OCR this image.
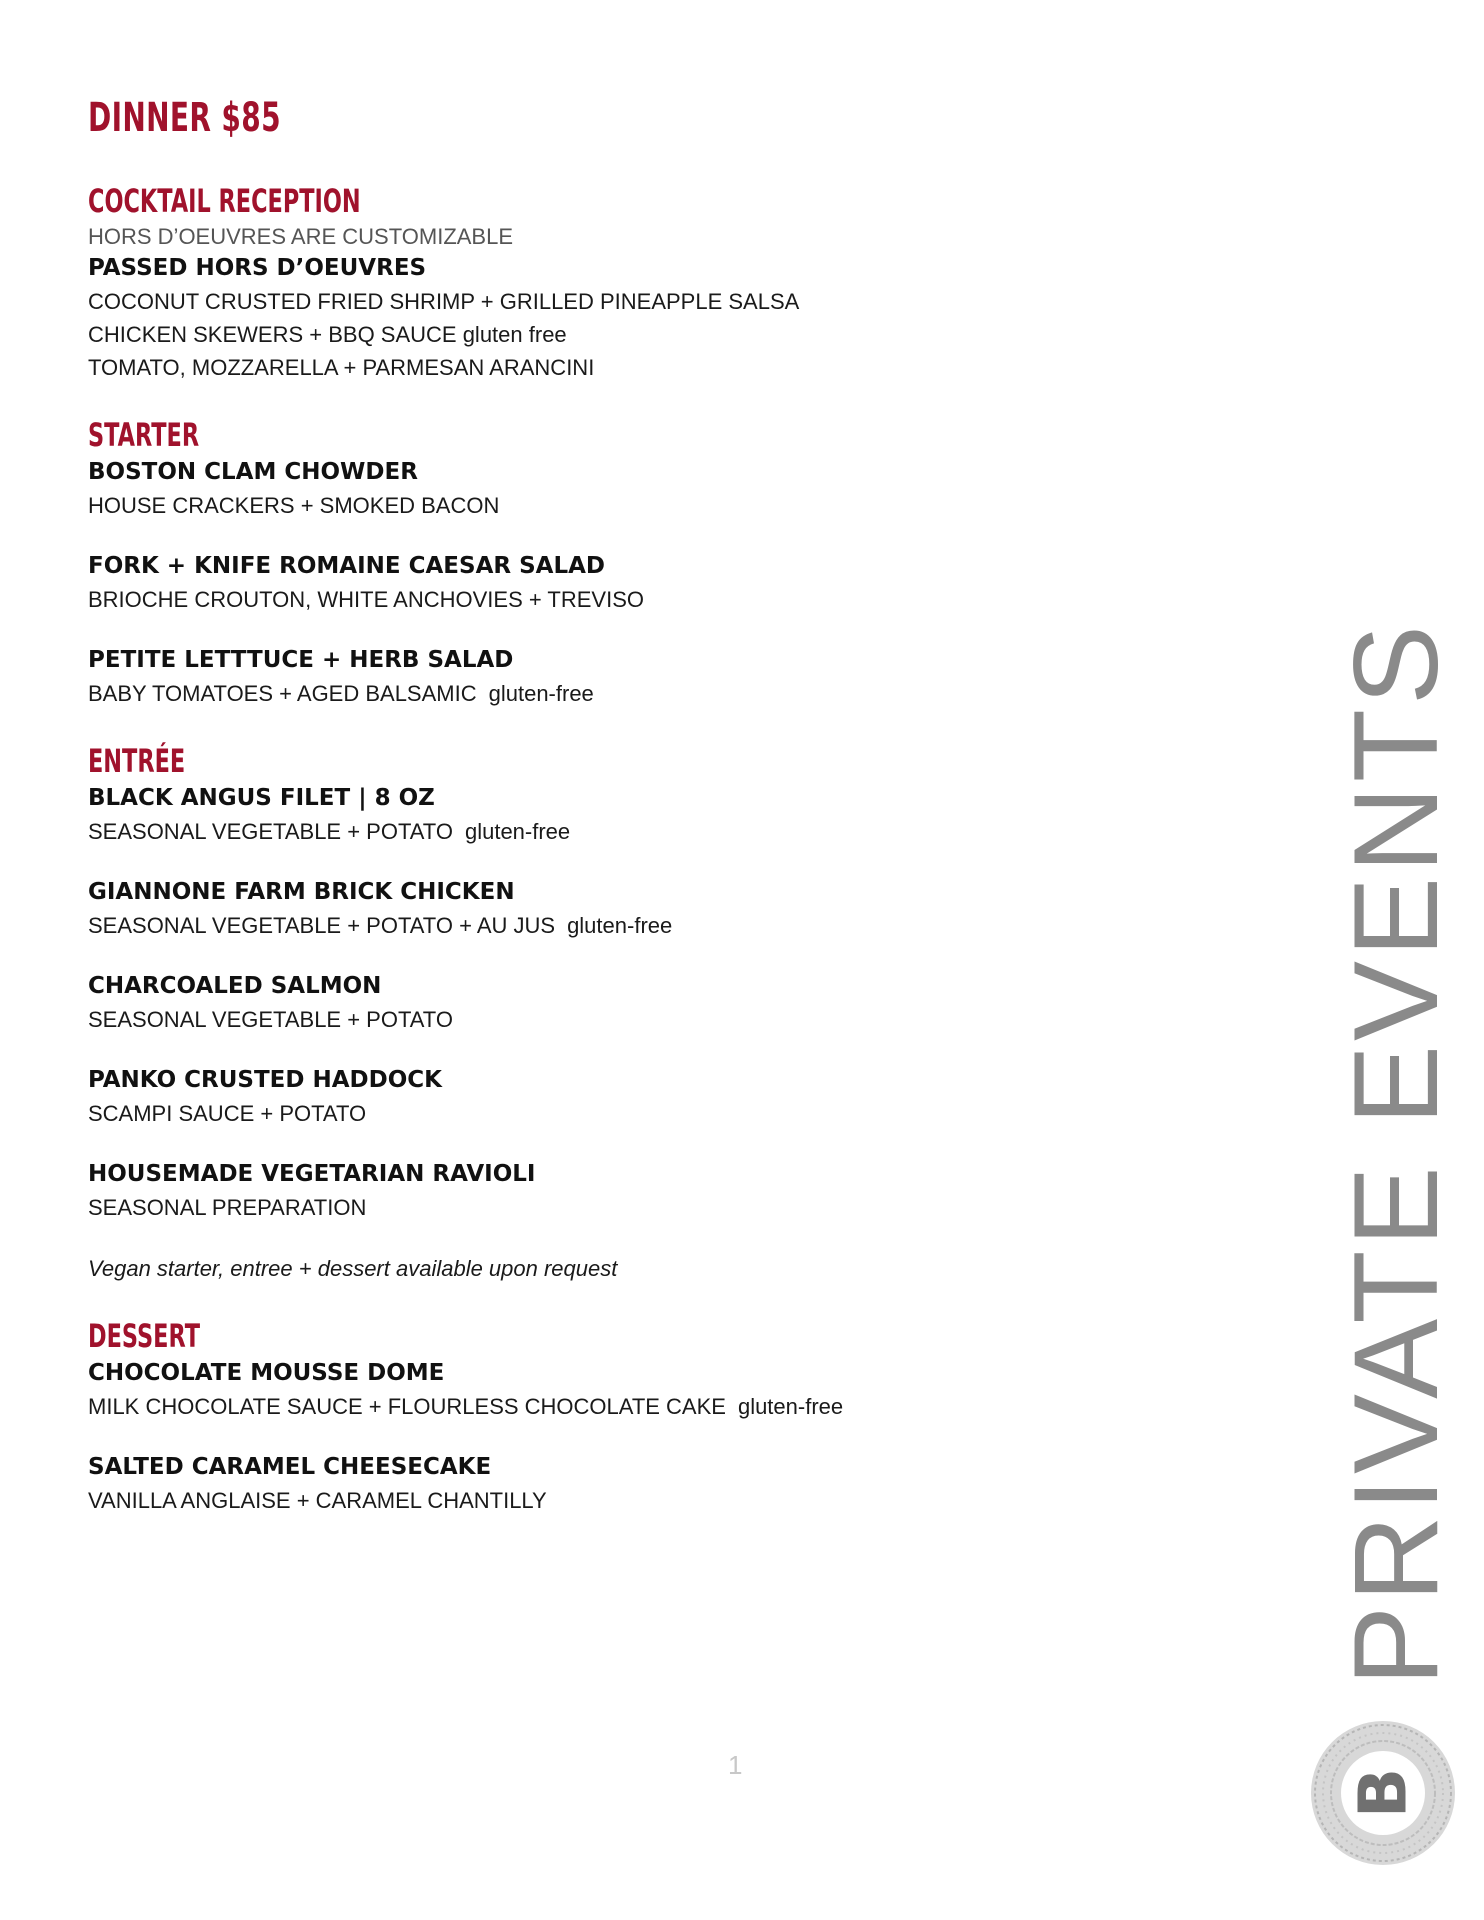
DINNER $85
COCKTAIL RECEPTION

HORS D’OEUVRES ARE CUSTOMIZABLE

PASSED HORS D’OEUVRES

COCONUT CRUSTED FRIED SHRIMP + GRILLED PINEAPPLE SALSA

CHICKEN SKEWERS + BBQ SAUCE gluten free

TOMATO, MOZZARELLA + PARMESAN ARANCINI

STARTER

BOSTON CLAM CHOWDER

HOUSE CRACKERS + SMOKED BACON

FORK + KNIFE ROMAINE CAESAR SALAD

BRIOCHE CROUTON, WHITE ANCHOVIES + TREVISO

PETITE LETTTUCE + HERB SALAD

BABY TOMATOES + AGED BALSAMIC gluten-free

ENTRÉE

BLACK ANGUS FILET | 8 OZ

SEASONAL VEGETABLE + POTATO gluten-free

GIANNONE FARM BRICK CHICKEN

SEASONAL VEGETABLE + POTATO + AU JUS gluten-free

CHARCOALED SALMON

SEASONAL VEGETABLE + POTATO

PANKO CRUSTED HADDOCK

SCAMPI SAUCE + POTATO

HOUSEMADE VEGETARIAN RAVIOLI

SEASONAL PREPARATION

Vegan starter, entree + dessert available upon request

DESSERT

CHOCOLATE MOUSSE DOME

MILK CHOCOLATE SAUCE + FLOURLESS CHOCOLATE CAKE gluten-free

SALTED CARAMEL CHEESECAKE

VANILLA ANGLAISE + CARAMEL CHANTILLY	PRIVATE EVENTS
B
1
